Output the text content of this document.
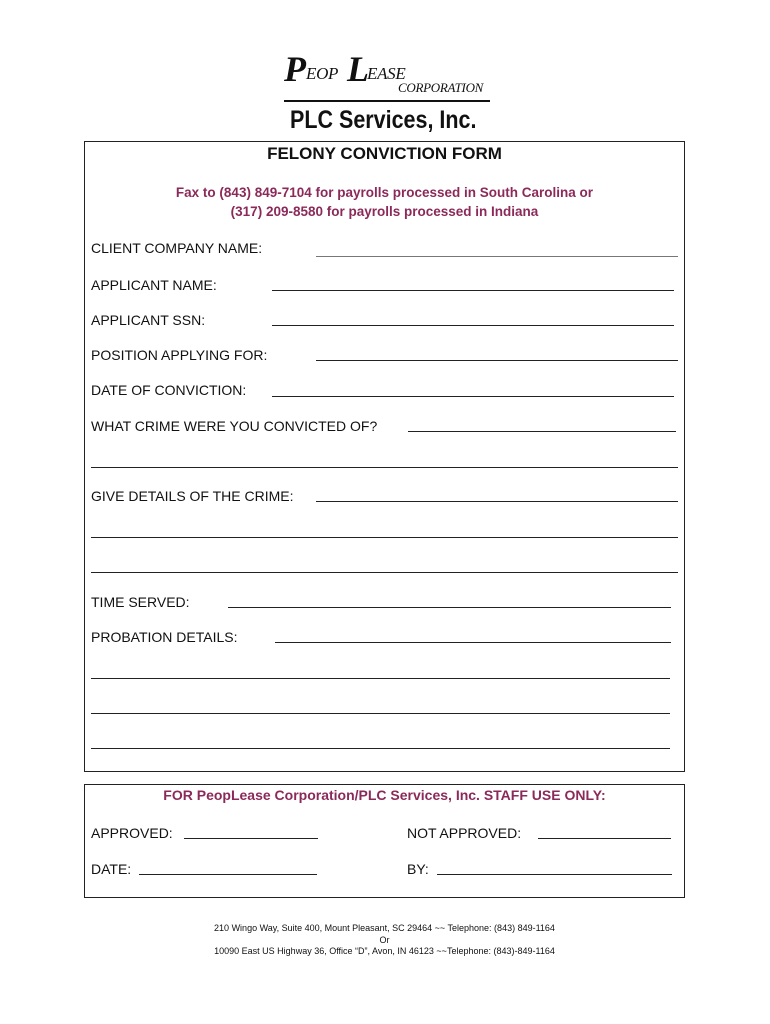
P EOP L
EASE
CORPORATION
PLC Services, Inc.
FELONY CONVICTION FORM
Fax to (843) 849-7104 for payrolls processed in South Carolina or
(317) 209-8580 for payrolls processed in Indiana
CLIENT COMPANY NAME:
APPLICANT NAME:
APPLICANT SSN:
POSITION APPLYING FOR:
DATE OF CONVICTION:
WHAT CRIME WERE YOU CONVICTED OF?
GIVE DETAILS OF THE CRIME:
TIME SERVED:
PROBATION DETAILS:
FOR PeopLease Corporation/PLC Services, Inc. STAFF USE ONLY:
APPROVED:	NOT APPROVED:
DATE:	BY:
210 Wingo Way, Suite 400, Mount Pleasant, SC 29464 ~~ Telephone: (843) 849-1164
Or
10090 East US Highway 36, Office “D”, Avon, IN 46123 ~~Telephone: (843)-849-1164
